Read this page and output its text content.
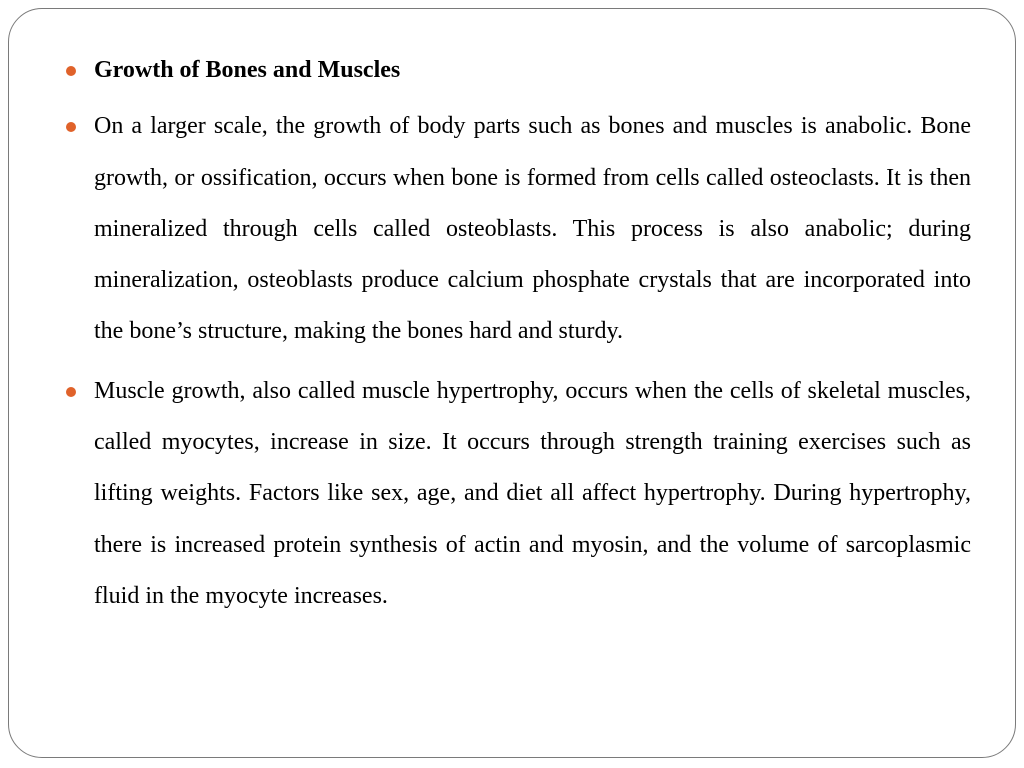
Growth of Bones and Muscles
On a larger scale, the growth of body parts such as bones and muscles is anabolic. Bone growth, or ossification, occurs when bone is formed from cells called osteoclasts. It is then mineralized through cells called osteoblasts. This process is also anabolic; during mineralization, osteoblasts produce calcium phosphate crystals that are incorporated into the bone’s structure, making the bones hard and sturdy.
Muscle growth, also called muscle hypertrophy, occurs when the cells of skeletal muscles, called myocytes, increase in size. It occurs through strength training exercises such as lifting weights. Factors like sex, age, and diet all affect hypertrophy. During hypertrophy, there is increased protein synthesis of actin and myosin, and the volume of sarcoplasmic fluid in the myocyte increases.
